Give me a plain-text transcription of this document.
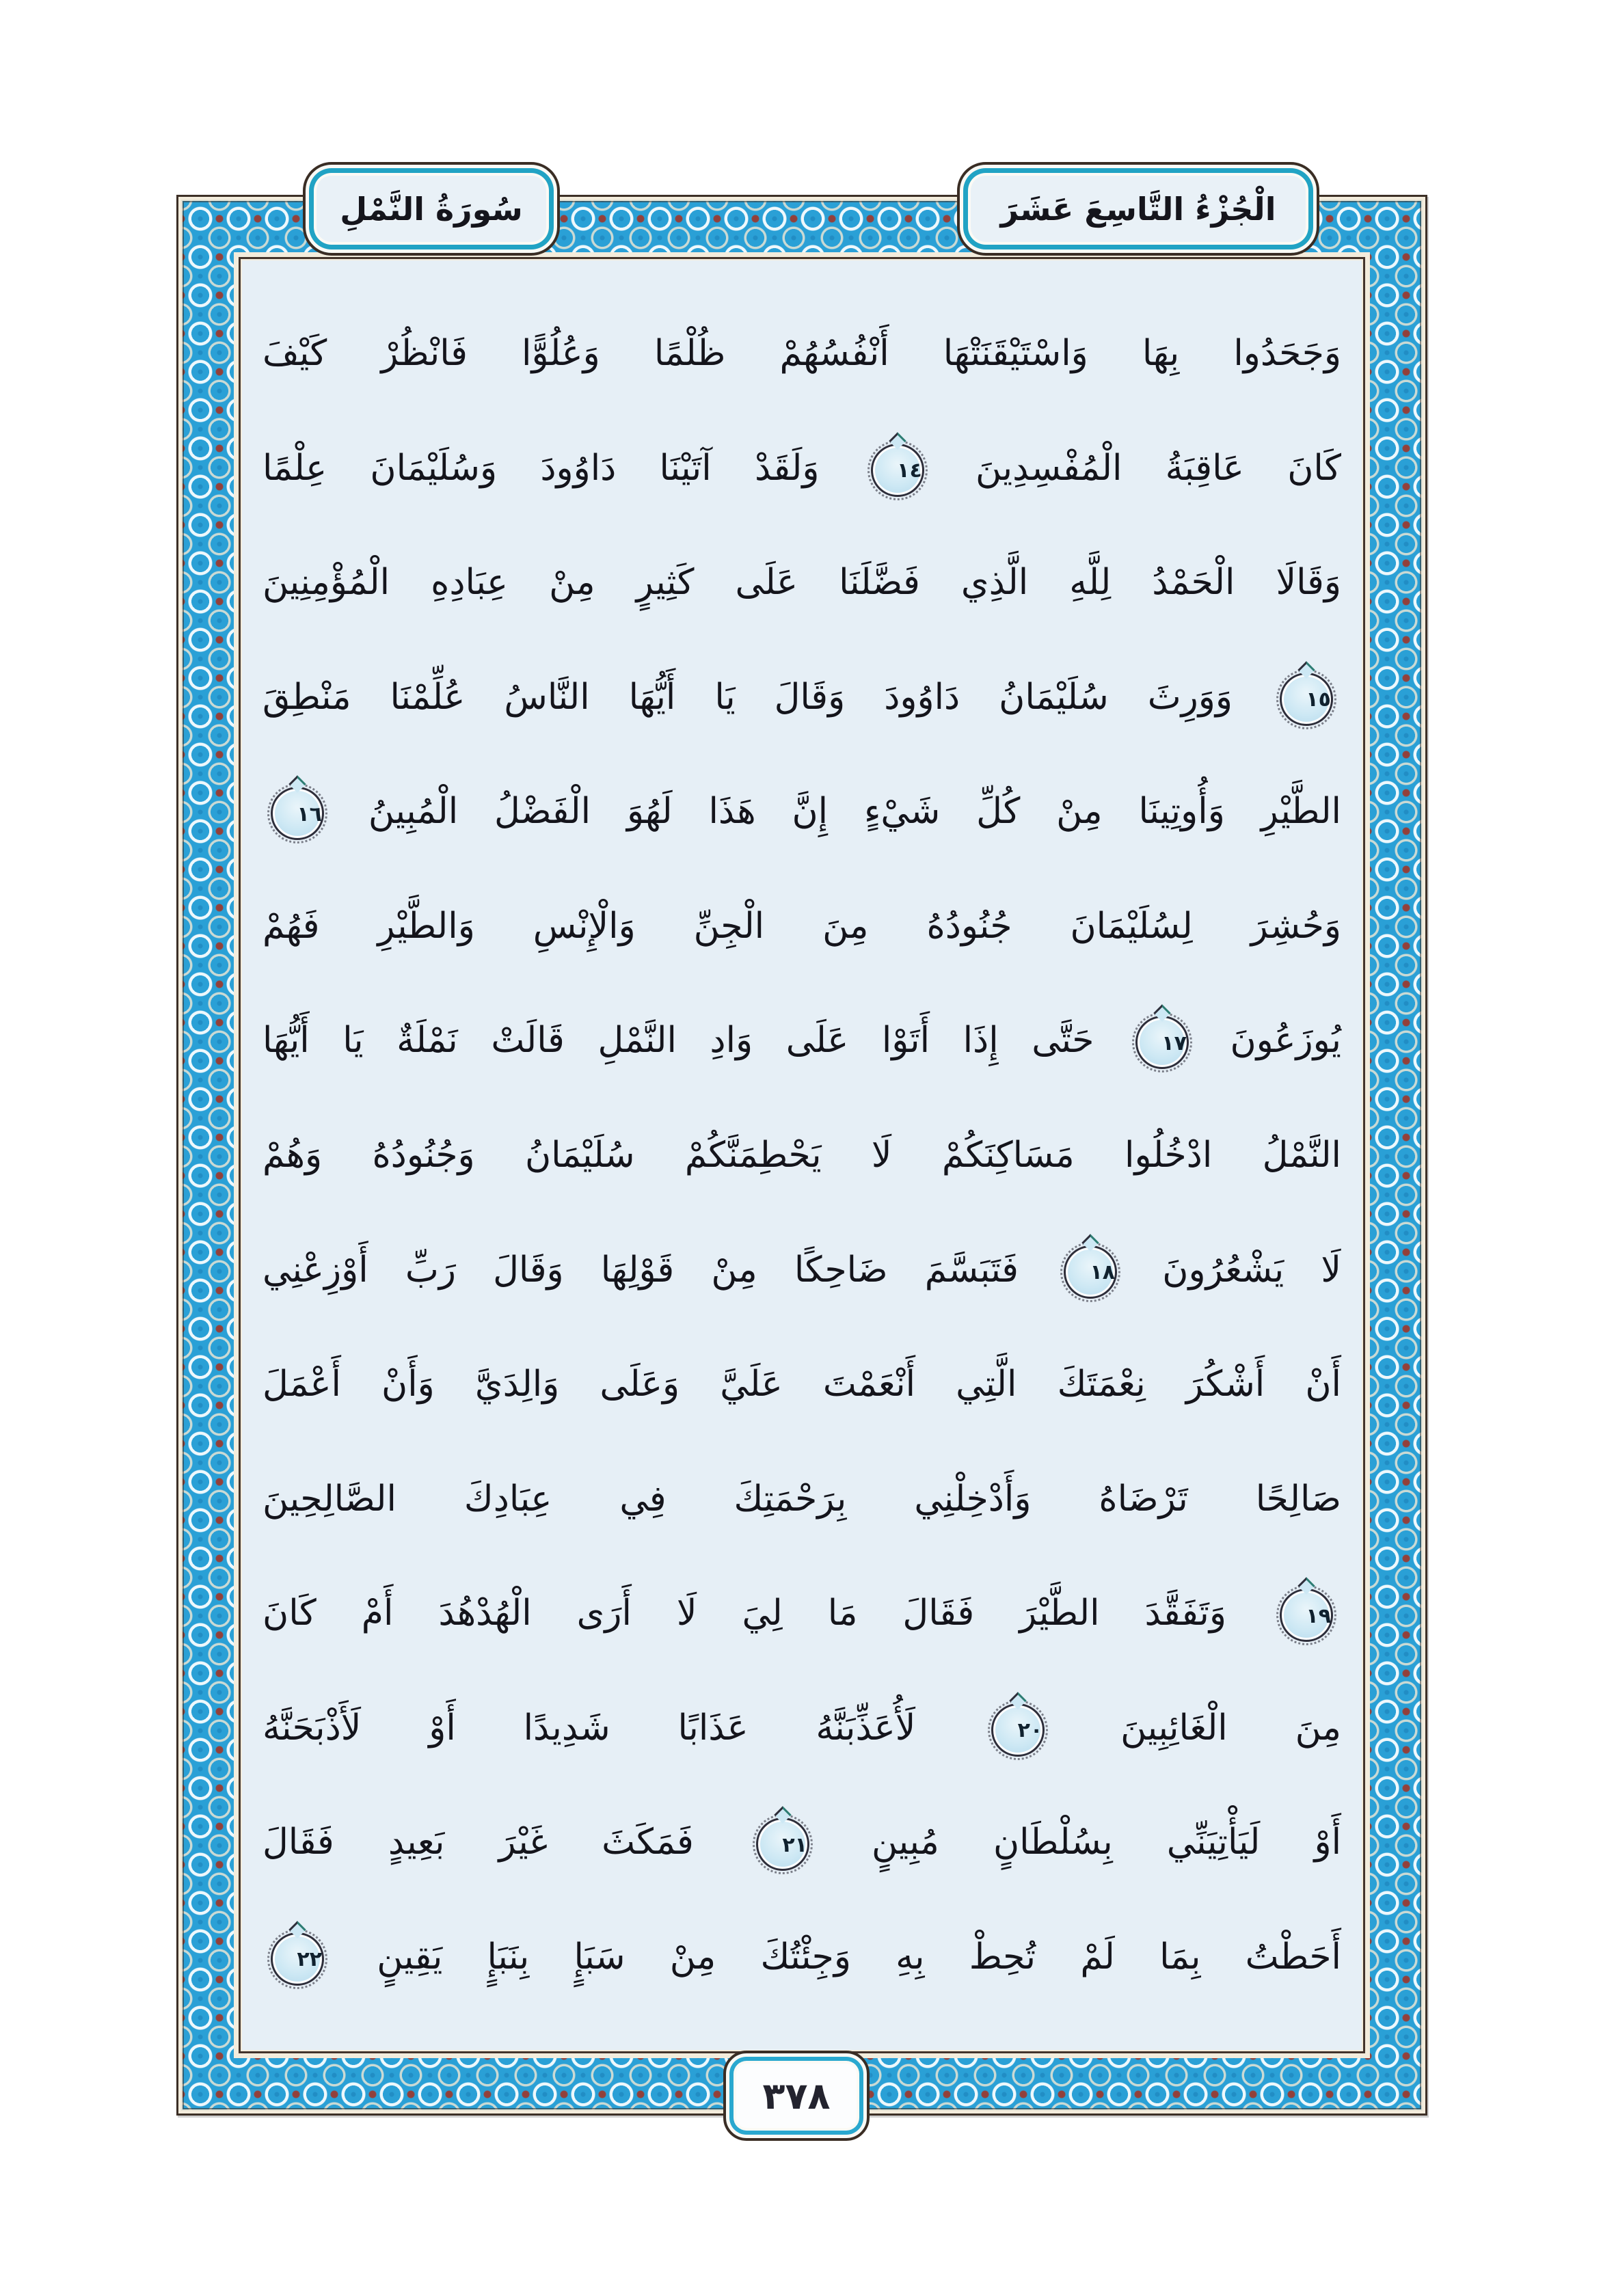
وَجَحَدُوا بِهَا وَاسْتَيْقَنَتْهَا أَنْفُسُهُمْ ظُلْمًا وَعُلُوًّا فَانْظُرْ كَيْفَ
كَانَ عَاقِبَةُ الْمُفْسِدِينَ ١٤ وَلَقَدْ آتَيْنَا دَاوُودَ وَسُلَيْمَانَ عِلْمًا
وَقَالَا الْحَمْدُ لِلَّهِ الَّذِي فَضَّلَنَا عَلَى كَثِيرٍ مِنْ عِبَادِهِ الْمُؤْمِنِينَ
١٥ وَوَرِثَ سُلَيْمَانُ دَاوُودَ وَقَالَ يَا أَيُّهَا النَّاسُ عُلِّمْنَا مَنْطِقَ
الطَّيْرِ وَأُوتِينَا مِنْ كُلِّ شَيْءٍ إِنَّ هَذَا لَهُوَ الْفَضْلُ الْمُبِينُ ١٦
وَحُشِرَ لِسُلَيْمَانَ جُنُودُهُ مِنَ الْجِنِّ وَالْإِنْسِ وَالطَّيْرِ فَهُمْ
يُوزَعُونَ ١٧ حَتَّى إِذَا أَتَوْا عَلَى وَادِ النَّمْلِ قَالَتْ نَمْلَةٌ يَا أَيُّهَا
النَّمْلُ ادْخُلُوا مَسَاكِنَكُمْ لَا يَحْطِمَنَّكُمْ سُلَيْمَانُ وَجُنُودُهُ وَهُمْ
لَا يَشْعُرُونَ ١٨ فَتَبَسَّمَ ضَاحِكًا مِنْ قَوْلِهَا وَقَالَ رَبِّ أَوْزِعْنِي
أَنْ أَشْكُرَ نِعْمَتَكَ الَّتِي أَنْعَمْتَ عَلَيَّ وَعَلَى وَالِدَيَّ وَأَنْ أَعْمَلَ
صَالِحًا تَرْضَاهُ وَأَدْخِلْنِي بِرَحْمَتِكَ فِي عِبَادِكَ الصَّالِحِينَ
١٩ وَتَفَقَّدَ الطَّيْرَ فَقَالَ مَا لِيَ لَا أَرَى الْهُدْهُدَ أَمْ كَانَ
مِنَ الْغَائِبِينَ ٢٠ لَأُعَذِّبَنَّهُ عَذَابًا شَدِيدًا أَوْ لَأَذْبَحَنَّهُ
أَوْ لَيَأْتِيَنِّي بِسُلْطَانٍ مُبِينٍ ٢١ فَمَكَثَ غَيْرَ بَعِيدٍ فَقَالَ
أَحَطْتُ بِمَا لَمْ تُحِطْ بِهِ وَجِئْتُكَ مِنْ سَبَإٍ بِنَبَإٍ يَقِينٍ ٢٢
سُورَةُ النَّمْلِ	الْجُزْءُ التَّاسِعَ عَشَرَ
٣٧٨
